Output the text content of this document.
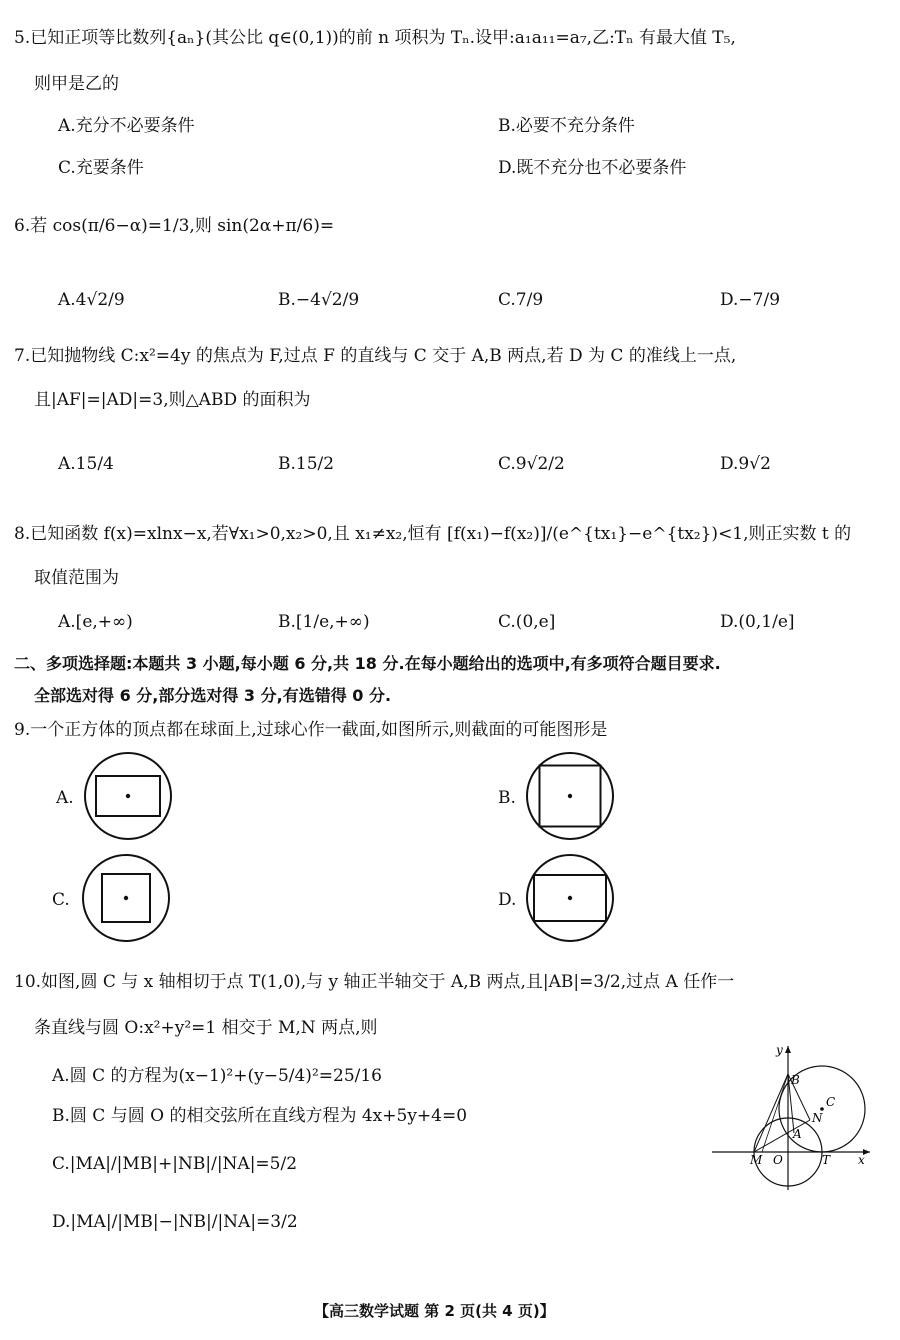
5.已知正项等比数列{aₙ}(其公比 q∈(0,1))的前 n 项积为 Tₙ.设甲:a₁a₁₁=a₇,乙:Tₙ 有最大值 T₅,
则甲是乙的
A.充分不必要条件	B.必要不充分条件
C.充要条件	D.既不充分也不必要条件
6.若 cos(π/6−α)=1/3,则 sin(2α+π/6)=
A.4√2/9	B.−4√2/9	C.7/9	D.−7/9
7.已知抛物线 C:x²=4y 的焦点为 F,过点 F 的直线与 C 交于 A,B 两点,若 D 为 C 的准线上一点,
且|AF|=|AD|=3,则△ABD 的面积为
A.15/4	B.15/2	C.9√2/2	D.9√2
8.已知函数 f(x)=xlnx−x,若∀x₁>0,x₂>0,且 x₁≠x₂,恒有 [f(x₁)−f(x₂)]/(e^{tx₁}−e^{tx₂})<1,则正实数 t 的
取值范围为
A.[e,+∞)	B.[1/e,+∞)	C.(0,e]	D.(0,1/e]
二、多项选择题:本题共 3 小题,每小题 6 分,共 18 分.在每小题给出的选项中,有多项符合题目要求.
全部选对得 6 分,部分选对得 3 分,有选错得 0 分.
9.一个正方体的顶点都在球面上,过球心作一截面,如图所示,则截面的可能图形是
A.	B.
C.	D.
10.如图,圆 C 与 x 轴相切于点 T(1,0),与 y 轴正半轴交于 A,B 两点,且|AB|=3/2,过点 A 任作一
条直线与圆 O:x²+y²=1 相交于 M,N 两点,则
A.圆 C 的方程为(x−1)²+(y−5/4)²=25/16
B.圆 C 与圆 O 的相交弦所在直线方程为 4x+5y+4=0
C.|MA|/|MB|+|NB|/|NA|=5/2
D.|MA|/|MB|−|NB|/|NA|=3/2
y
x
B
C
N
A
M O	T
【高三数学试题 第 2 页(共 4 页)】
